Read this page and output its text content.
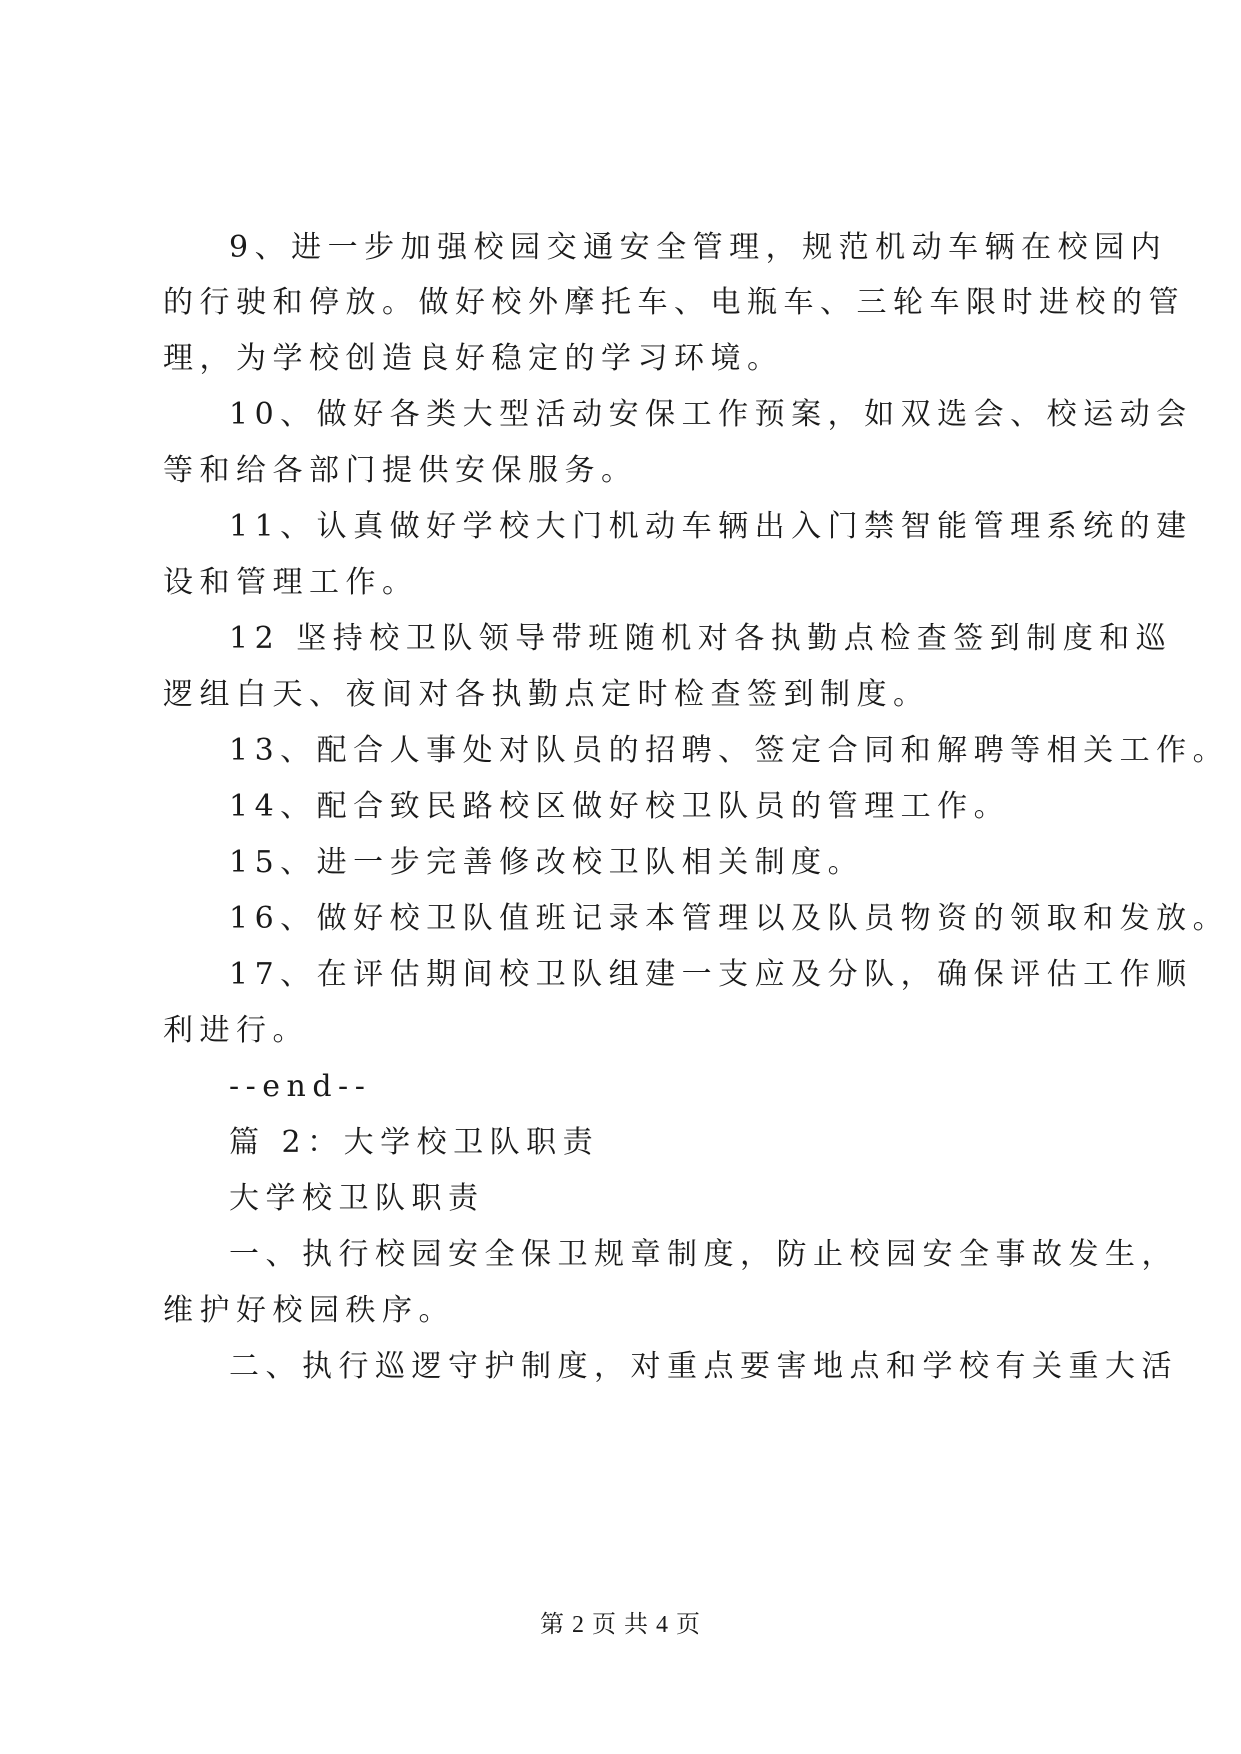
9、进一步加强校园交通安全管理，规范机动车辆在校园内

的行驶和停放。做好校外摩托车、电瓶车、三轮车限时进校的管

理，为学校创造良好稳定的学习环境。

10、做好各类大型活动安保工作预案，如双选会、校运动会

等和给各部门提供安保服务。

11、认真做好学校大门机动车辆出入门禁智能管理系统的建

设和管理工作。

12 坚持校卫队领导带班随机对各执勤点检查签到制度和巡

逻组白天、夜间对各执勤点定时检查签到制度。

13、配合人事处对队员的招聘、签定合同和解聘等相关工作。

14、配合致民路校区做好校卫队员的管理工作。

15、进一步完善修改校卫队相关制度。

16、做好校卫队值班记录本管理以及队员物资的领取和发放。

17、在评估期间校卫队组建一支应及分队，确保评估工作顺

利进行。

--end--

篇 2：大学校卫队职责

大学校卫队职责

一、执行校园安全保卫规章制度，防止校园安全事故发生，

维护好校园秩序。

二、执行巡逻守护制度，对重点要害地点和学校有关重大活

第 2 页 共 4 页
